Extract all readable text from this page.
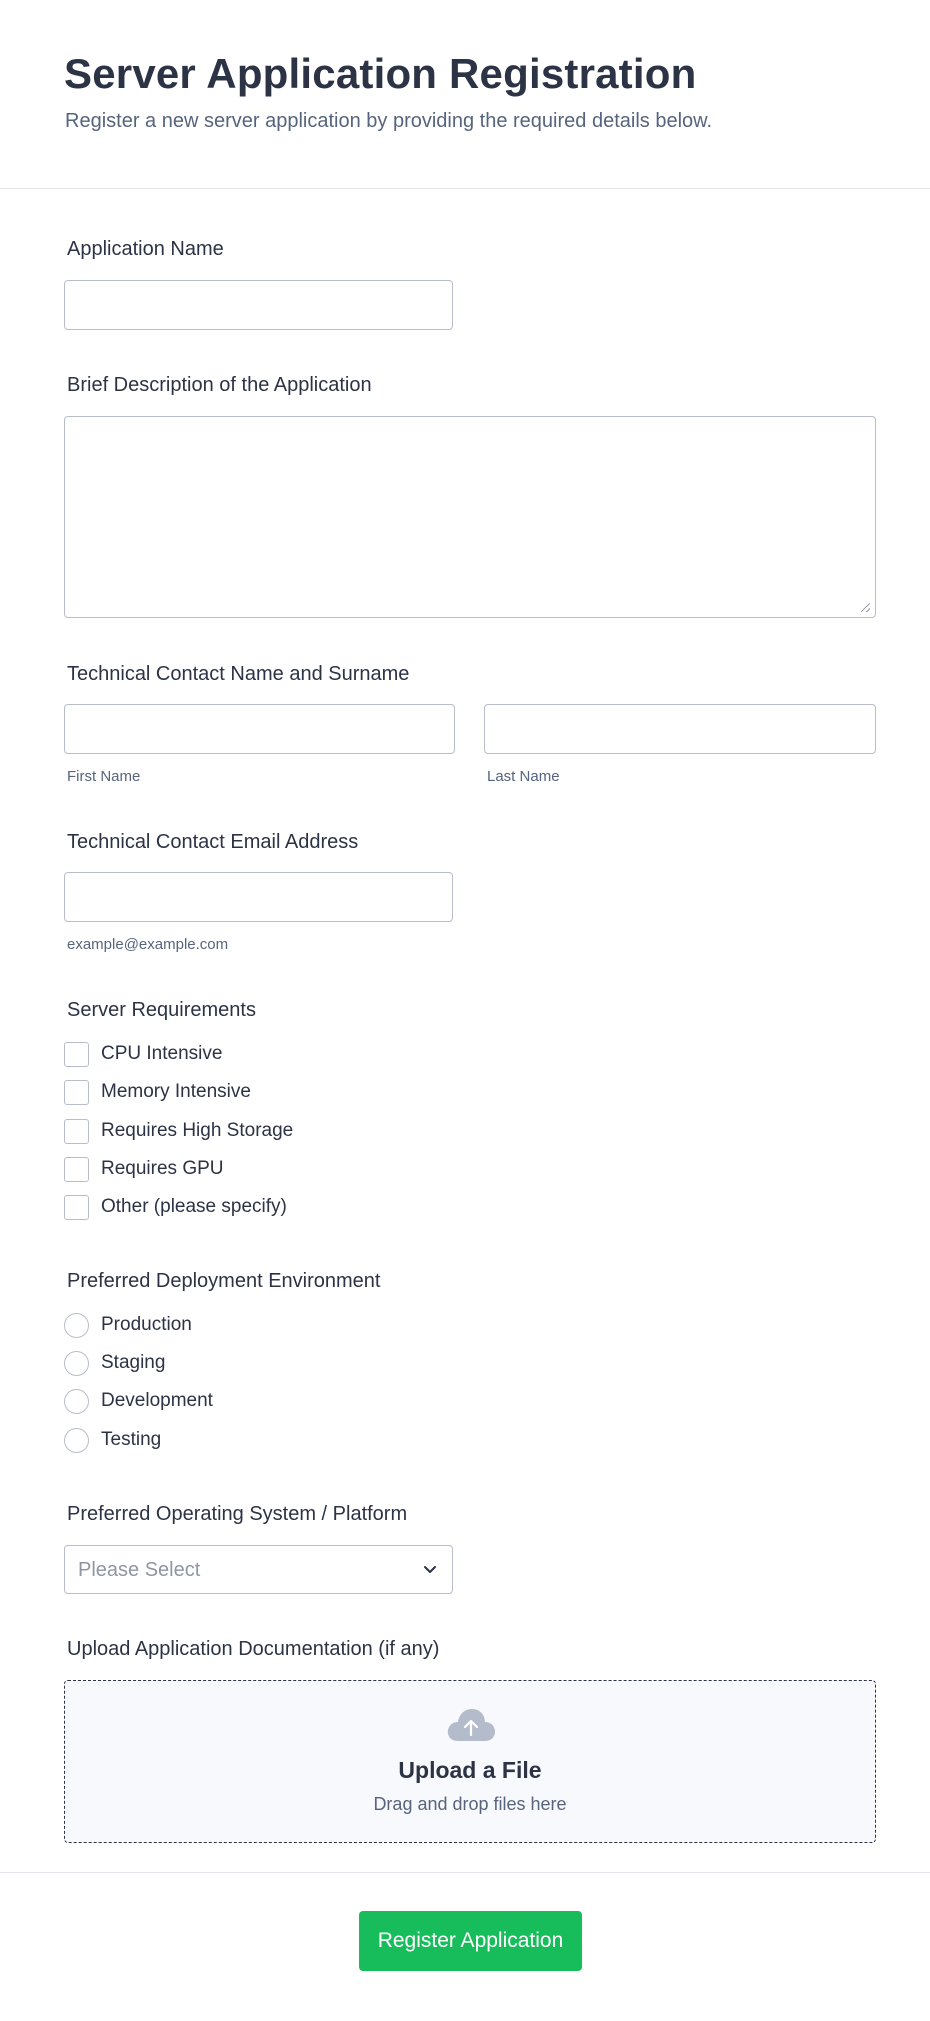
Server Application Registration
Register a new server application by providing the required details below.
Application Name
Brief Description of the Application
Technical Contact Name and Surname
First Name	Last Name
Technical Contact Email Address
example@example.com
Server Requirements
CPU Intensive
Memory Intensive
Requires High Storage
Requires GPU
Other (please specify)
Preferred Deployment Environment
Production
Staging
Development
Testing
Preferred Operating System / Platform
Please Select
Upload Application Documentation (if any)
Upload a File
Drag and drop files here
Register Application
